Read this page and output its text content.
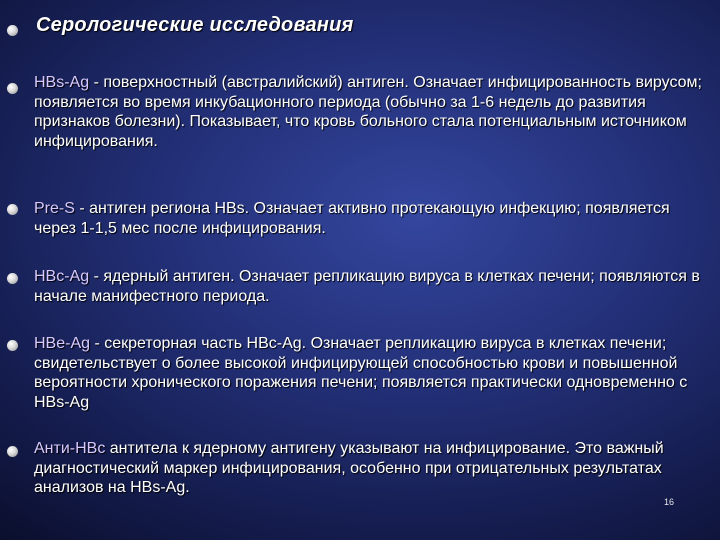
Серологические исследования
HBs-Ag - поверхностный (австралийский) антиген. Означает инфицированность вирусом; появляется во время инкубационного периода (обычно за 1-6 недель до развития признаков болезни). Показывает, что кровь больного стала потенциальным источником инфицирования.
Pre-S - антиген региона HBs. Означает активно протекающую инфекцию; появляется через 1-1,5 мес после инфицирования.
HBc-Ag - ядерный антиген. Означает репликацию вируса в клетках печени; появляются в начале манифестного периода.
HBe-Ag - секреторная часть HBc-Ag. Означает репликацию вируса в клетках печени; свидетельствует о более высокой инфицирующей способностью крови и повышенной вероятности хронического поражения печени; появляется практически одновременно с HBs-Ag
Анти-HBc антитела к ядерному антигену указывают на инфицирование. Это важный диагностический маркер инфицирования, особенно при отрицательных результатах анализов на HBs-Ag.
16
